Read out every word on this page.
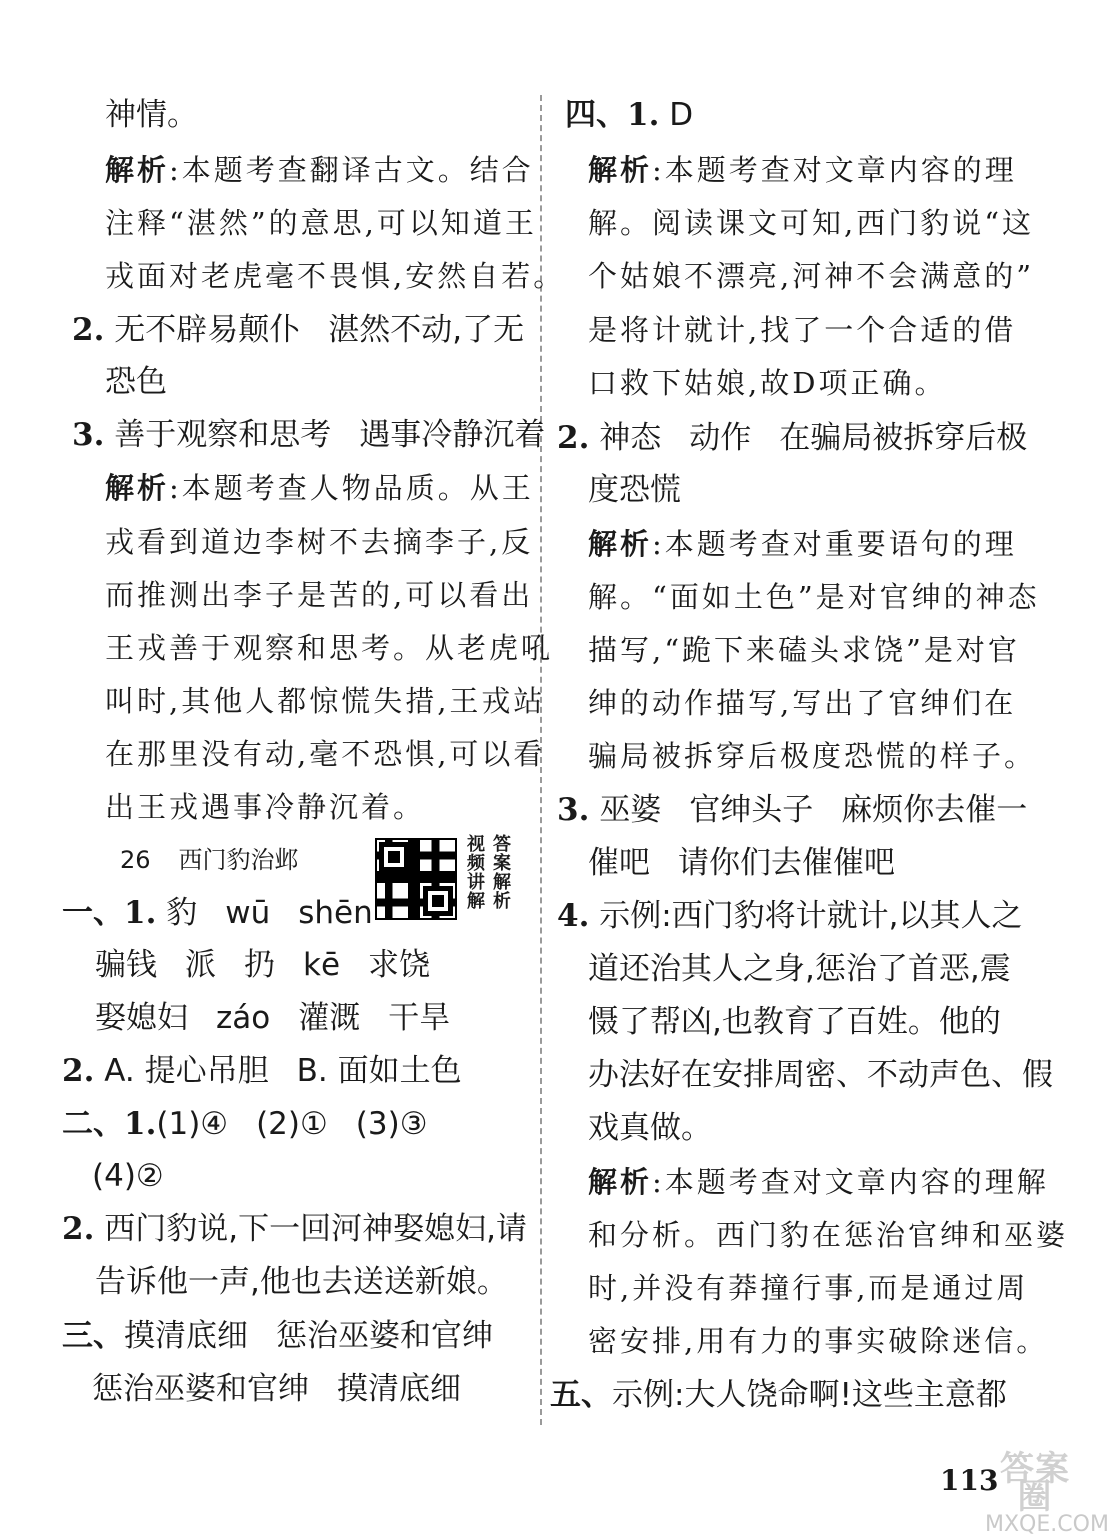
神情。
解析:本题考查翻译古文。结合
注释“湛然”的意思,可以知道王
戎面对老虎毫不畏惧,安然自若。
2. 无不辟易颠仆 湛然不动,了无
恐色
3. 善于观察和思考 遇事冷静沉着
解析:本题考查人物品质。从王
戎看到道边李树不去摘李子,反
而推测出李子是苦的,可以看出
王戎善于观察和思考。从老虎吼
叫时,其他人都惊慌失措,王戎站
在那里没有动,毫不恐惧,可以看
出王戎遇事冷静沉着。
26 西门豹治邺	视频讲解 答案解析
一、1. 豹 wū shēn
骗钱 派 扔 kē 求饶
娶媳妇 záo 灌溉 干旱
2. A. 提心吊胆 B. 面如土色
二、1.(1)④ (2)① (3)③
(4)②
2. 西门豹说,下一回河神娶媳妇,请
告诉他一声,他也去送送新娘。
三、摸清底细 惩治巫婆和官绅
惩治巫婆和官绅 摸清底细
四、1. D
解析:本题考查对文章内容的理
解。阅读课文可知,西门豹说“这
个姑娘不漂亮,河神不会满意的”
是将计就计,找了一个合适的借
口救下姑娘,故D项正确。
2. 神态 动作 在骗局被拆穿后极
度恐慌
解析:本题考查对重要语句的理
解。“面如土色”是对官绅的神态
描写,“跪下来磕头求饶”是对官
绅的动作描写,写出了官绅们在
骗局被拆穿后极度恐慌的样子。
3. 巫婆 官绅头子 麻烦你去催一
催吧 请你们去催催吧
4. 示例:西门豹将计就计,以其人之
道还治其人之身,惩治了首恶,震
慑了帮凶,也教育了百姓。他的
办法好在安排周密、不动声色、假
戏真做。
解析:本题考查对文章内容的理解
和分析。西门豹在惩治官绅和巫婆
时,并没有莽撞行事,而是通过周
密安排,用有力的事实破除迷信。
五、示例:大人饶命啊!这些主意都
113 答案圈
MXQE.COM
